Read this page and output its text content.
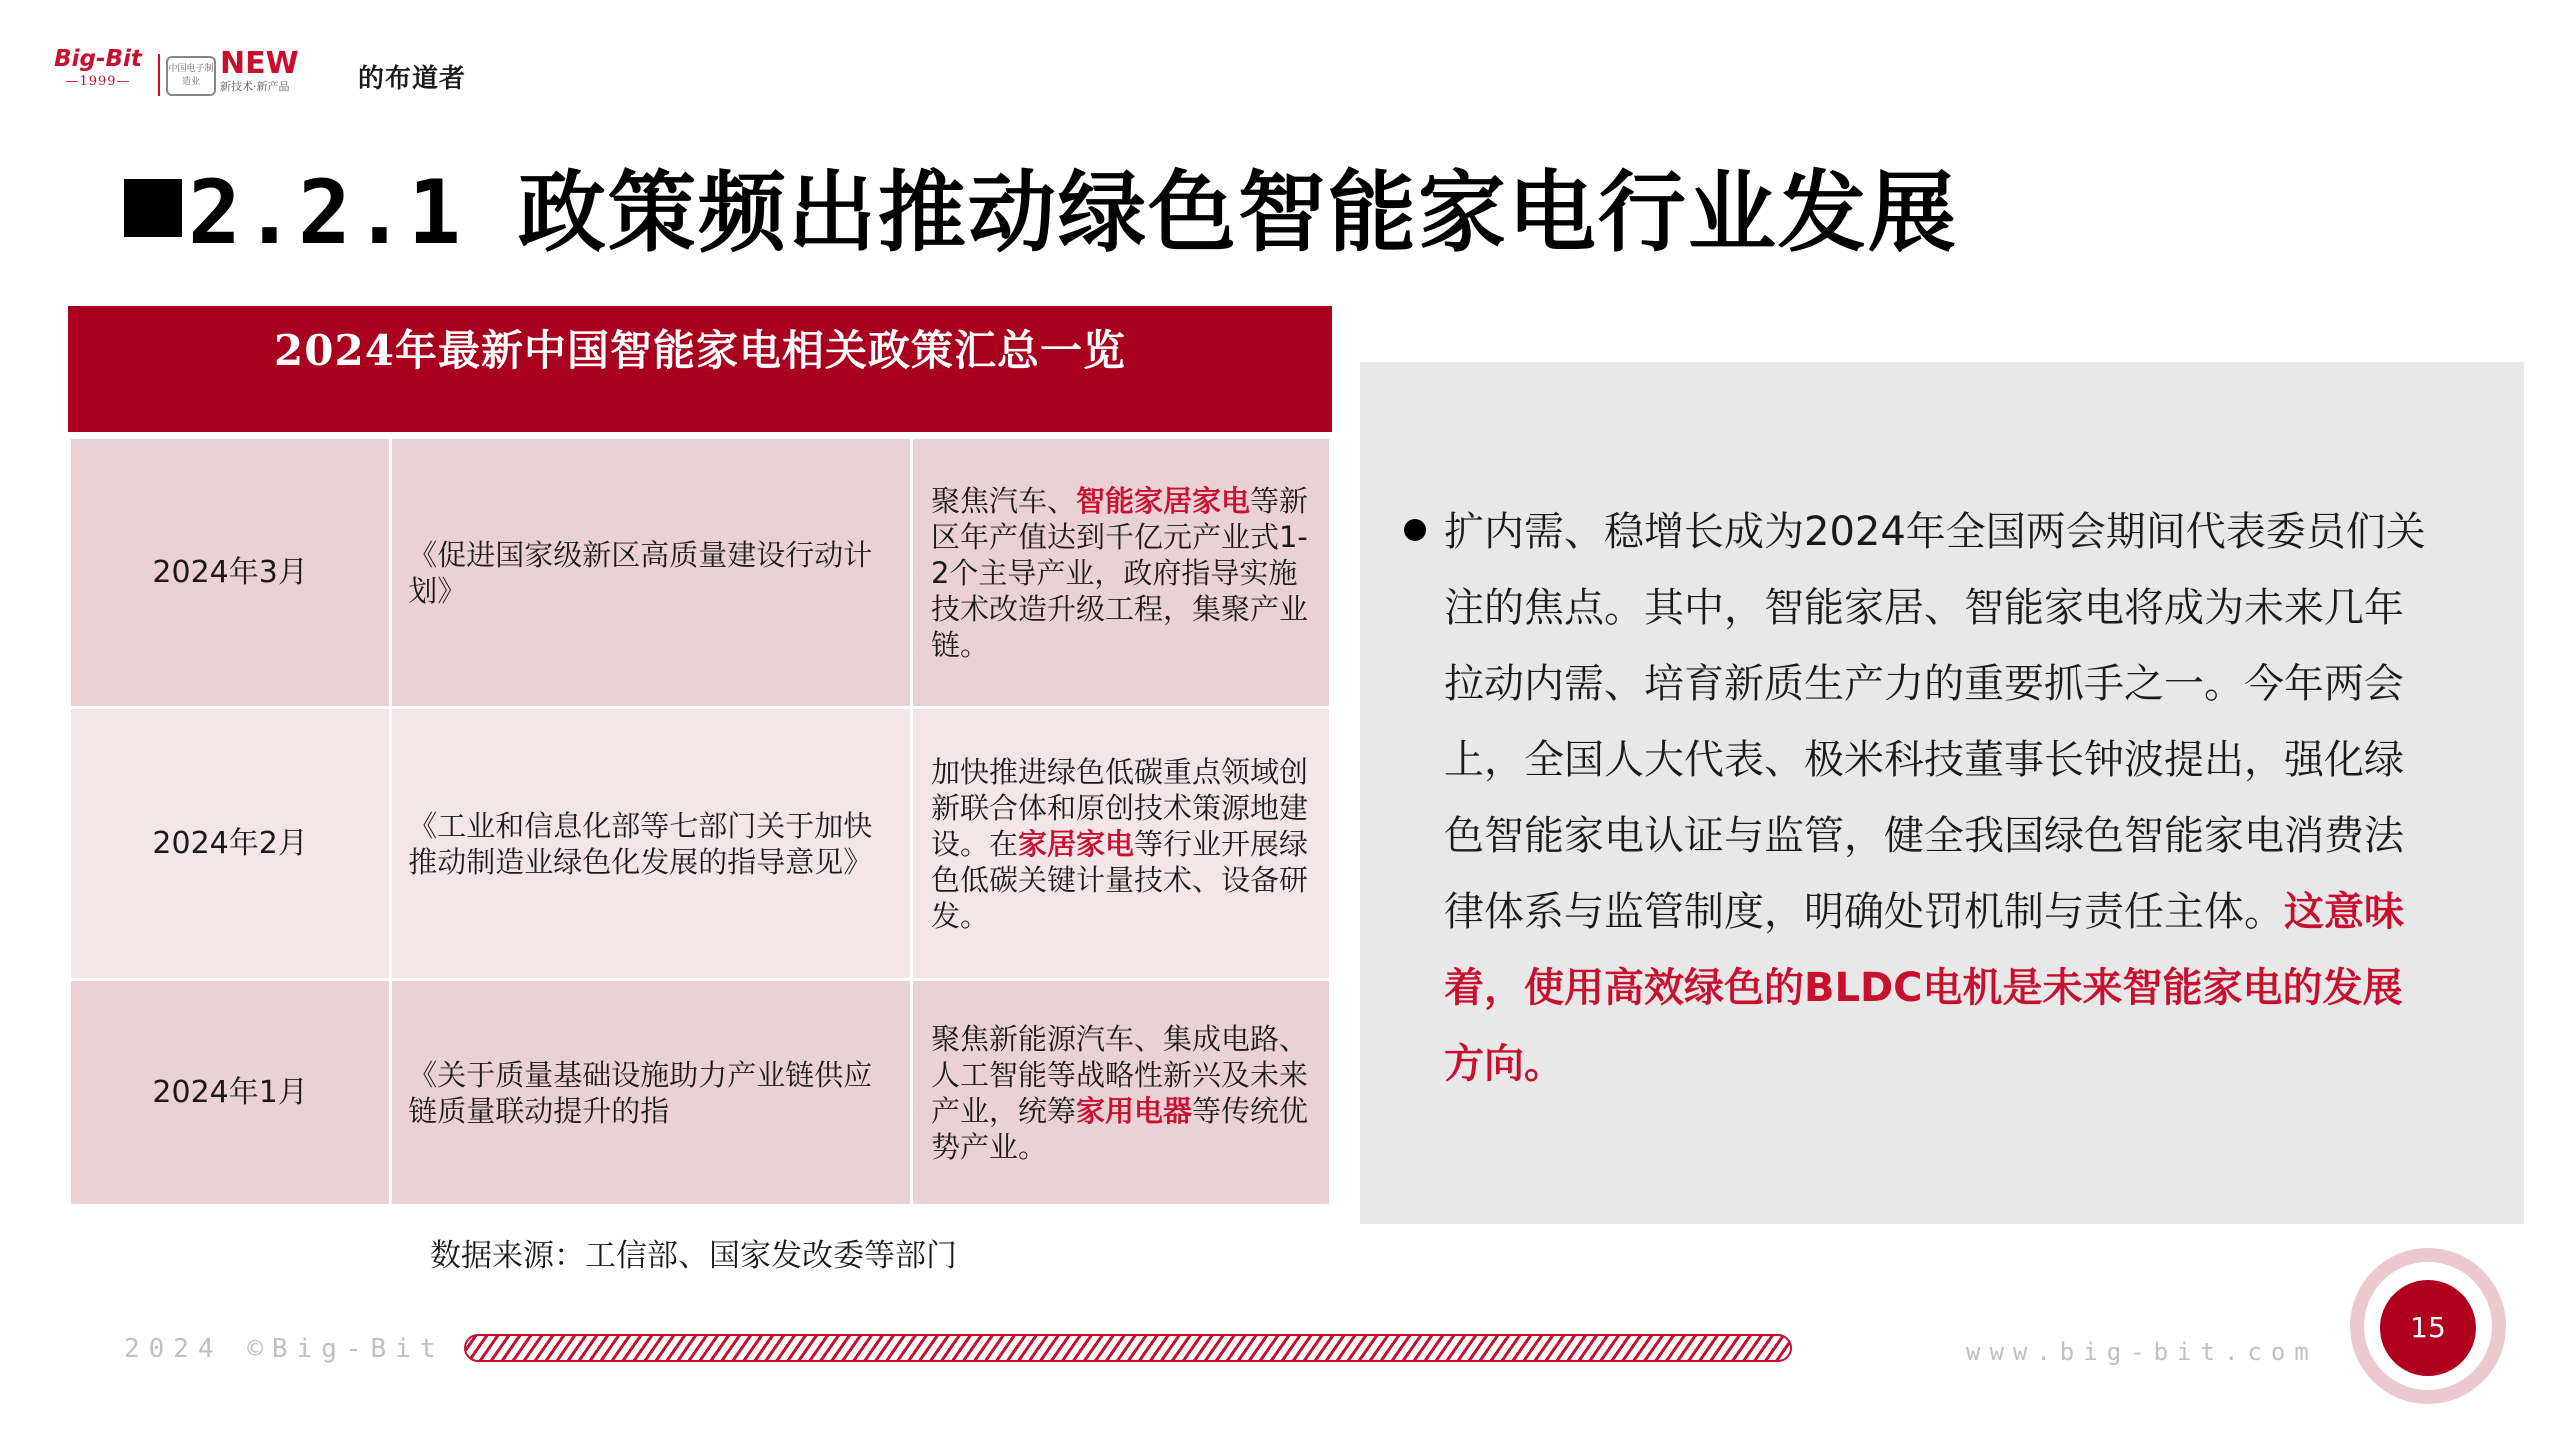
Big-Bit
—1999—
中国电子制造业
NEW
新技术·新产品	的布道者
2.2.1 政策频出推动绿色智能家电行业发展
2024年最新中国智能家电相关政策汇总一览
2024年3月	《促进国家级新区高质量建设行动计划》	聚焦汽车、智能家居家电等新区年产值达到千亿元产业式1-2个主导产业，政府指导实施技术改造升级工程，集聚产业链。
2024年2月	《工业和信息化部等七部门关于加快推动制造业绿色化发展的指导意见》	加快推进绿色低碳重点领域创新联合体和原创技术策源地建设。在家居家电等行业开展绿色低碳关键计量技术、设备研发。
2024年1月	《关于质量基础设施助力产业链供应链质量联动提升的指	聚焦新能源汽车、集成电路、人工智能等战略性新兴及未来产业，统筹家用电器等传统优势产业。
数据来源：工信部、国家发改委等部门
扩内需、稳增长成为2024年全国两会期间代表委员们关
注的焦点。其中，智能家居、智能家电将成为未来几年
拉动内需、培育新质生产力的重要抓手之一。今年两会
上，全国人大代表、极米科技董事长钟波提出，强化绿
色智能家电认证与监管，健全我国绿色智能家电消费法
律体系与监管制度，明确处罚机制与责任主体。这意味
着，使用高效绿色的BLDC电机是未来智能家电的发展
方向。
2024 ©Big-Bit	www.big-bit.com
15
